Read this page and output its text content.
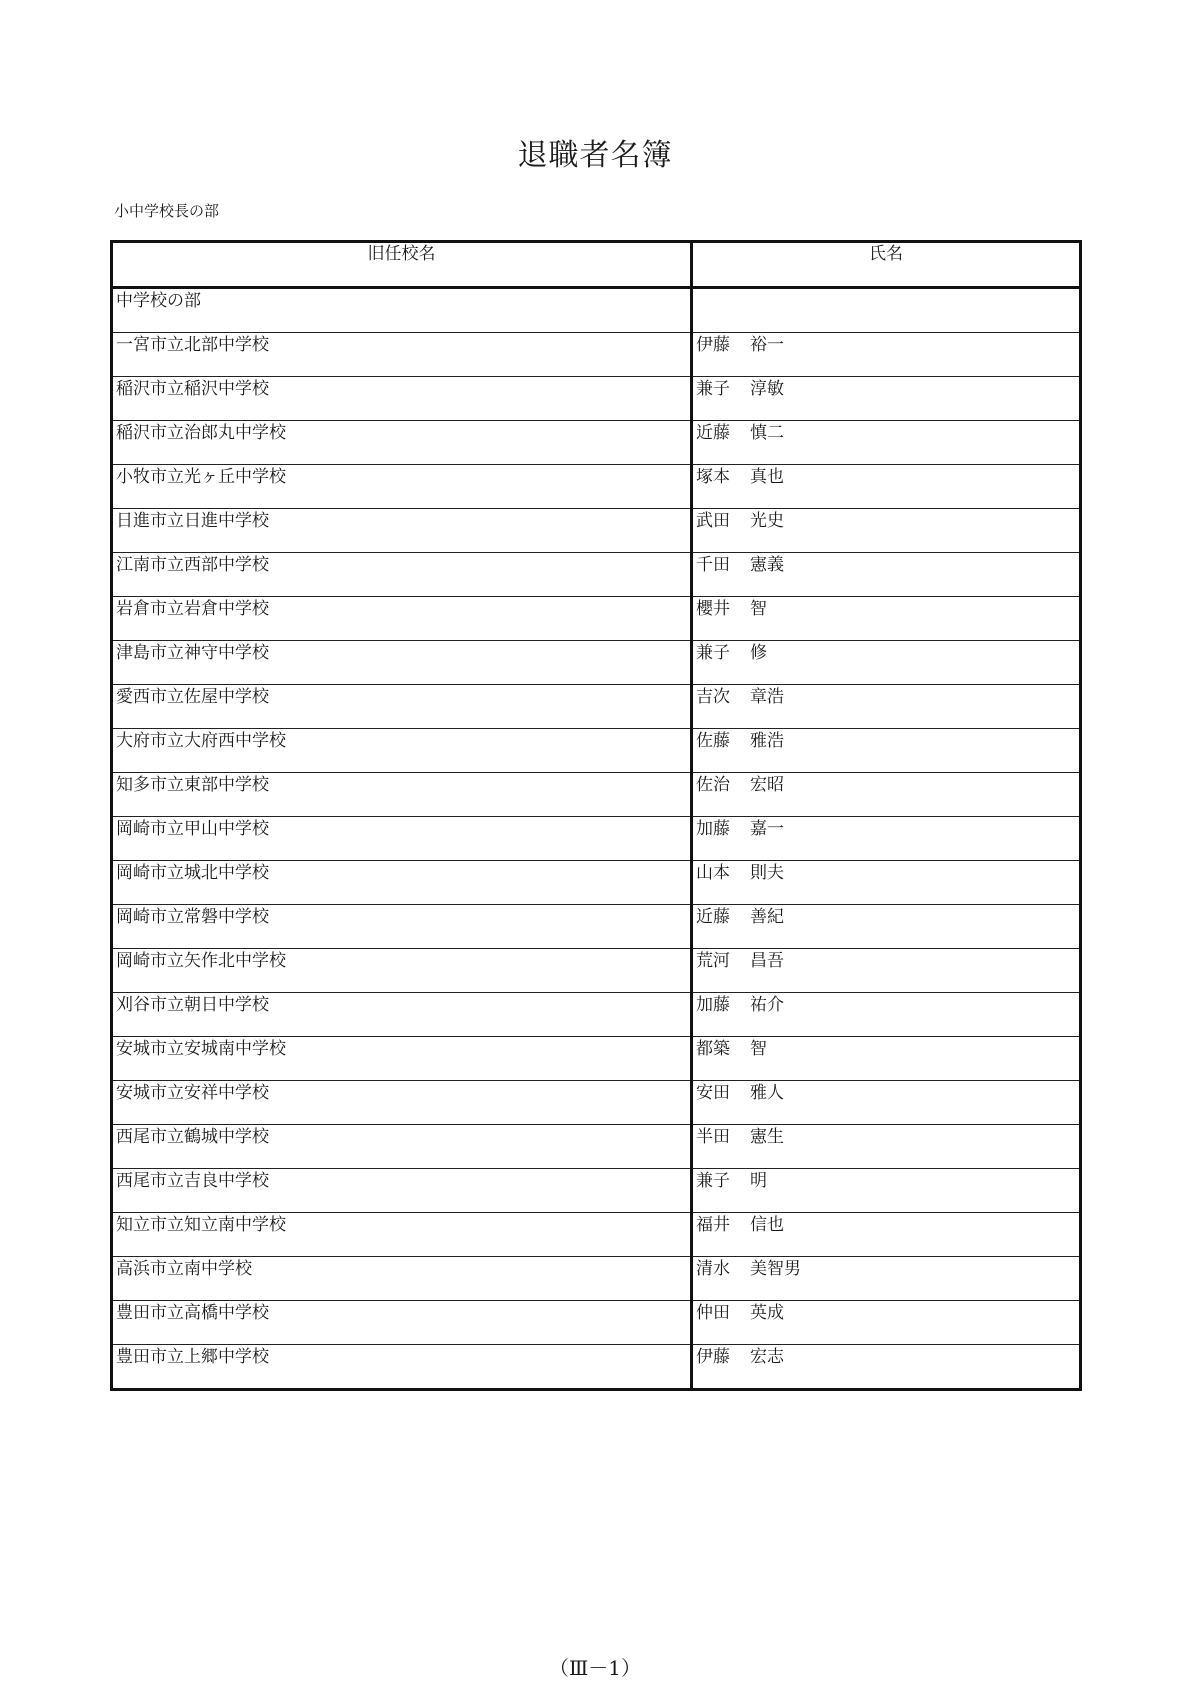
退職者名簿
小中学校長の部
旧任校名	氏名
中学校の部	
一宮市立北部中学校	伊藤 裕一
稲沢市立稲沢中学校	兼子 淳敏
稲沢市立治郎丸中学校	近藤 慎二
小牧市立光ヶ丘中学校	塚本 真也
日進市立日進中学校	武田 光史
江南市立西部中学校	千田 憲義
岩倉市立岩倉中学校	櫻井 智
津島市立神守中学校	兼子 修
愛西市立佐屋中学校	吉次 章浩
大府市立大府西中学校	佐藤 雅浩
知多市立東部中学校	佐治 宏昭
岡崎市立甲山中学校	加藤 嘉一
岡崎市立城北中学校	山本 則夫
岡崎市立常磐中学校	近藤 善紀
岡崎市立矢作北中学校	荒河 昌吾
刈谷市立朝日中学校	加藤 祐介
安城市立安城南中学校	都築 智
安城市立安祥中学校	安田 雅人
西尾市立鶴城中学校	半田 憲生
西尾市立吉良中学校	兼子 明
知立市立知立南中学校	福井 信也
高浜市立南中学校	清水 美智男
豊田市立高橋中学校	仲田 英成
豊田市立上郷中学校	伊藤 宏志
（Ⅲ－1）
